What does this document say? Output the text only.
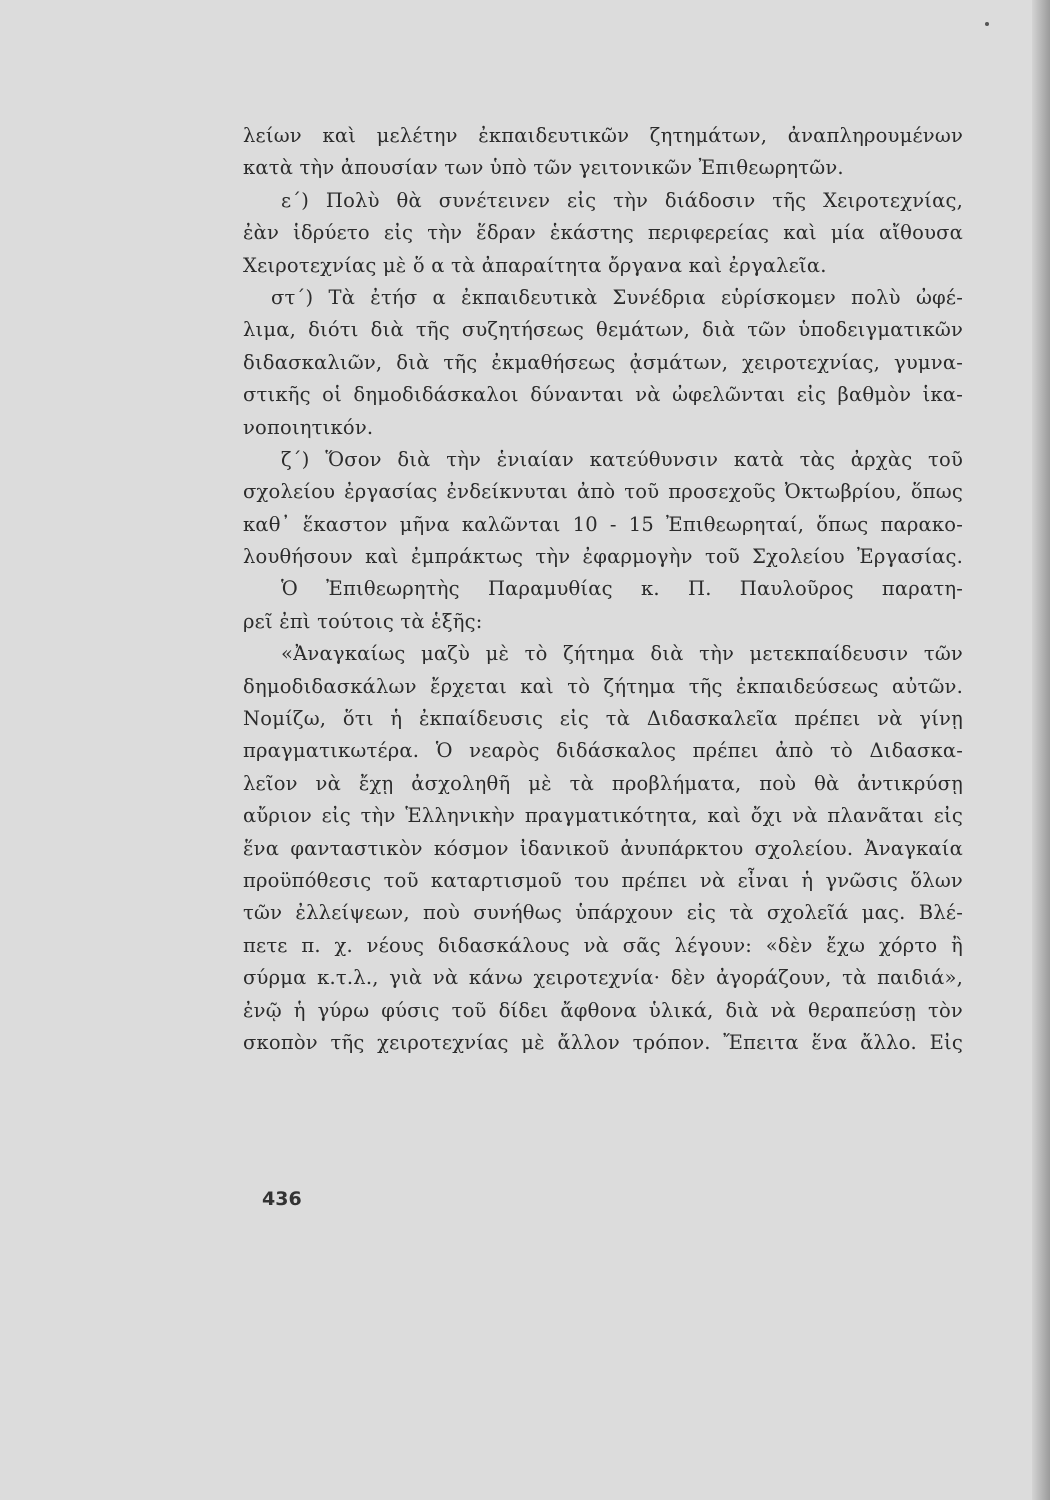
λείων καὶ μελέτην ἐκπαιδευτικῶν ζητημάτων, ἀναπληρουμένων
κατὰ τὴν ἀπουσίαν των ὑπὸ τῶν γειτονικῶν Ἐπιθεωρητῶν.
ε΄) Πολὺ θὰ συνέτεινεν εἰς τὴν διάδοσιν τῆς Χειροτεχνίας,
ἐὰν ἱδρύετο εἰς τὴν ἕδραν ἑκάστης περιφερείας καὶ μία αἴθουσα
Χειροτεχνίας μὲ ὅ α τὰ ἀπαραίτητα ὄργανα καὶ ἐργαλεῖα.
στ΄) Τὰ ἐτήσ α ἐκπαιδευτικὰ Συνέδρια εὑρίσκομεν πολὺ ὠφέ-
λιμα, διότι διὰ τῆς συζητήσεως θεμάτων, διὰ τῶν ὑποδειγματικῶν
διδασκαλιῶν, διὰ τῆς ἐκμαθήσεως ᾀσμάτων, χειροτεχνίας, γυμνα-
στικῆς οἱ δημοδιδάσκαλοι δύνανται νὰ ὠφελῶνται εἰς βαθμὸν ἱκα-
νοποιητικόν.
ζ΄) Ὅσον διὰ τὴν ἑνιαίαν κατεύθυνσιν κατὰ τὰς ἀρχὰς τοῦ
σχολείου ἐργασίας ἐνδείκνυται ἀπὸ τοῦ προσεχοῦς Ὀκτωβρίου, ὅπως
καθ᾿ ἕκαστον μῆνα καλῶνται 10 - 15 Ἐπιθεωρηταί, ὅπως παρακο-
λουθήσουν καὶ ἐμπράκτως τὴν ἐφαρμογὴν τοῦ Σχολείου Ἐργασίας.
Ὁ Ἐπιθεωρητὴς Παραμυθίας κ. Π. Παυλοῦρος παρατη-
ρεῖ ἐπὶ τούτοις τὰ ἑξῆς:
«Ἀναγκαίως μαζὺ μὲ τὸ ζήτημα διὰ τὴν μετεκπαίδευσιν τῶν
δημοδιδασκάλων ἔρχεται καὶ τὸ ζήτημα τῆς ἐκπαιδεύσεως αὐτῶν.
Νομίζω, ὅτι ἡ ἐκπαίδευσις εἰς τὰ Διδασκαλεῖα πρέπει νὰ γίνῃ
πραγματικωτέρα. Ὁ νεαρὸς διδάσκαλος πρέπει ἀπὸ τὸ Διδασκα-
λεῖον νὰ ἔχῃ ἀσχοληθῆ μὲ τὰ προβλήματα, ποὺ θὰ ἀντικρύσῃ
αὔριον εἰς τὴν Ἑλληνικὴν πραγματικότητα, καὶ ὄχι νὰ πλανᾶται εἰς
ἕνα φανταστικὸν κόσμον ἰδανικοῦ ἀνυπάρκτου σχολείου. Ἀναγκαία
προϋπόθεσις τοῦ καταρτισμοῦ του πρέπει νὰ εἶναι ἡ γνῶσις ὅλων
τῶν ἐλλείψεων, ποὺ συνήθως ὑπάρχουν εἰς τὰ σχολεῖά μας. Βλέ-
πετε π. χ. νέους διδασκάλους νὰ σᾶς λέγουν: «δὲν ἔχω χόρτο ἢ
σύρμα κ.τ.λ., γιὰ νὰ κάνω χειροτεχνία· δὲν ἀγοράζουν, τὰ παιδιά»,
ἐνῷ ἡ γύρω φύσις τοῦ δίδει ἄφθονα ὑλικά, διὰ νὰ θεραπεύσῃ τὸν
σκοπὸν τῆς χειροτεχνίας μὲ ἄλλον τρόπον. Ἔπειτα ἕνα ἄλλο. Εἰς
436
